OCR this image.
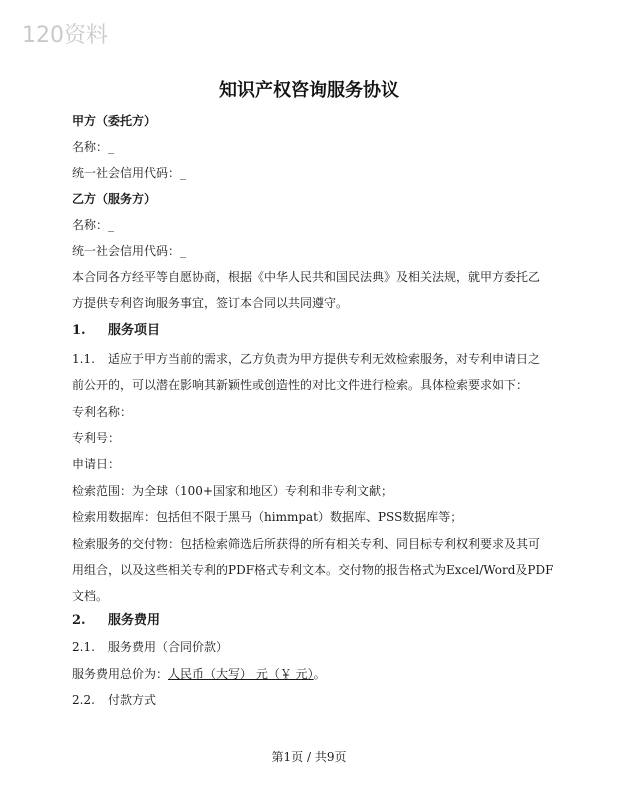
120资料
知识产权咨询服务协议
甲方（委托方）
名称：_
统一社会信用代码：_
乙方（服务方）
名称：_
统一社会信用代码：_
本合同各方经平等自愿协商，根据《中华人民共和国民法典》及相关法规，就甲方委托乙
方提供专利咨询服务事宜，签订本合同以共同遵守。
1. 服务项目
1.1. 适应于甲方当前的需求，乙方负责为甲方提供专利无效检索服务，对专利申请日之
前公开的，可以潜在影响其新颖性或创造性的对比文件进行检索。具体检索要求如下：
专利名称：
专利号：
申请日：
检索范围：为全球（100+国家和地区）专利和非专利文献；
检索用数据库：包括但不限于黑马（himmpat）数据库、PSS数据库等；
检索服务的交付物：包括检索筛选后所获得的所有相关专利、同目标专利权利要求及其可
用组合，以及这些相关专利的PDF格式专利文本。交付物的报告格式为Excel/Word及PDF
文档。
2. 服务费用
2.1. 服务费用（合同价款）
服务费用总价为：人民币（大写） 元（￥ 元）。
2.2. 付款方式
第1页 / 共9页
